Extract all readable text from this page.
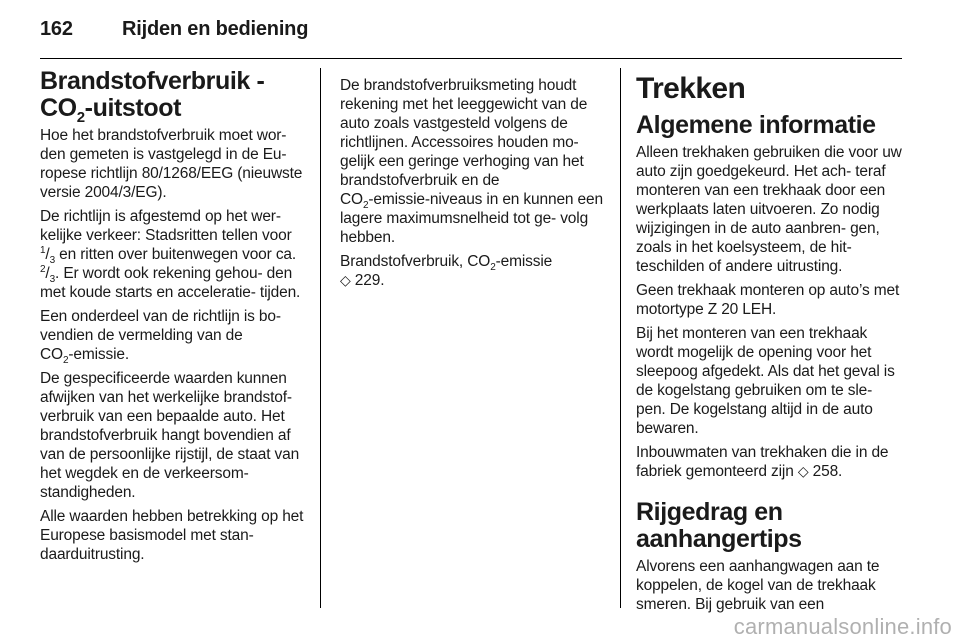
162 Rijden en bediening
Brandstofverbruik -
$CO_2$-uitstoot

Hoe het brandstofverbruik moet wor- den gemeten is vastgelegd in de Eu- ropese richtlijn 80/1268/EEG (nieuwste versie 2004/3/EG).

De richtlijn is afgestemd op het wer- kelijke verkeer: Stadsritten tellen voor $^1/_3$ en ritten over buitenwegen voor ca. $^2/_3$. Er wordt ook rekening gehou- den met koude starts en acceleratie- tijden.

Een onderdeel van de richtlijn is bo- vendien de vermelding van de
$CO_2$-emissie.

De gespecificeerde waarden kunnen afwijken van het werkelijke brandstof- verbruik van een bepaalde auto. Het brandstofverbruik hangt bovendien af van de persoonlijke rijstijl, de staat van het wegdek en de verkeersom- standigheden.

Alle waarden hebben betrekking op het Europese basismodel met stan- daarduitrusting.

De brandstofverbruiksmeting houdt rekening met het leeggewicht van de auto zoals vastgesteld volgens de richtlijnen. Accessoires houden mo- gelijk een geringe verhoging van het brandstofverbruik en de
$CO_2-emissie$-niveaus in en kunnen een lagere maximumsnelheid tot ge- volg hebben.

Brandstofverbruik, $CO_2$-emissie
◇ 229.

Trekken
Algemene informatie

Alleen trekhaken gebruiken die voor uw auto zijn goedgekeurd. Het ach- teraf monteren van een trekhaak door een werkplaats laten uitvoeren. Zo nodig wijzigingen in de auto aanbren- gen, zoals in het koelsysteem, de hit- teschilden of andere uitrusting.

Geen trekhaak monteren op auto’s met motortype Z 20 LEH.

Bij het monteren van een trekhaak wordt mogelijk de opening voor het sleepoog afgedekt. Als dat het geval is de kogelstang gebruiken om te sle- pen. De kogelstang altijd in de auto bewaren.

Inbouwmaten van trekhaken die in de fabriek gemonteerd zijn ◇ 258.

Rijgedrag en
aanhangertips

Alvorens een aanhangwagen aan te koppelen, de kogel van de trekhaak smeren. Bij gebruik van een

carmanualsonline.info
